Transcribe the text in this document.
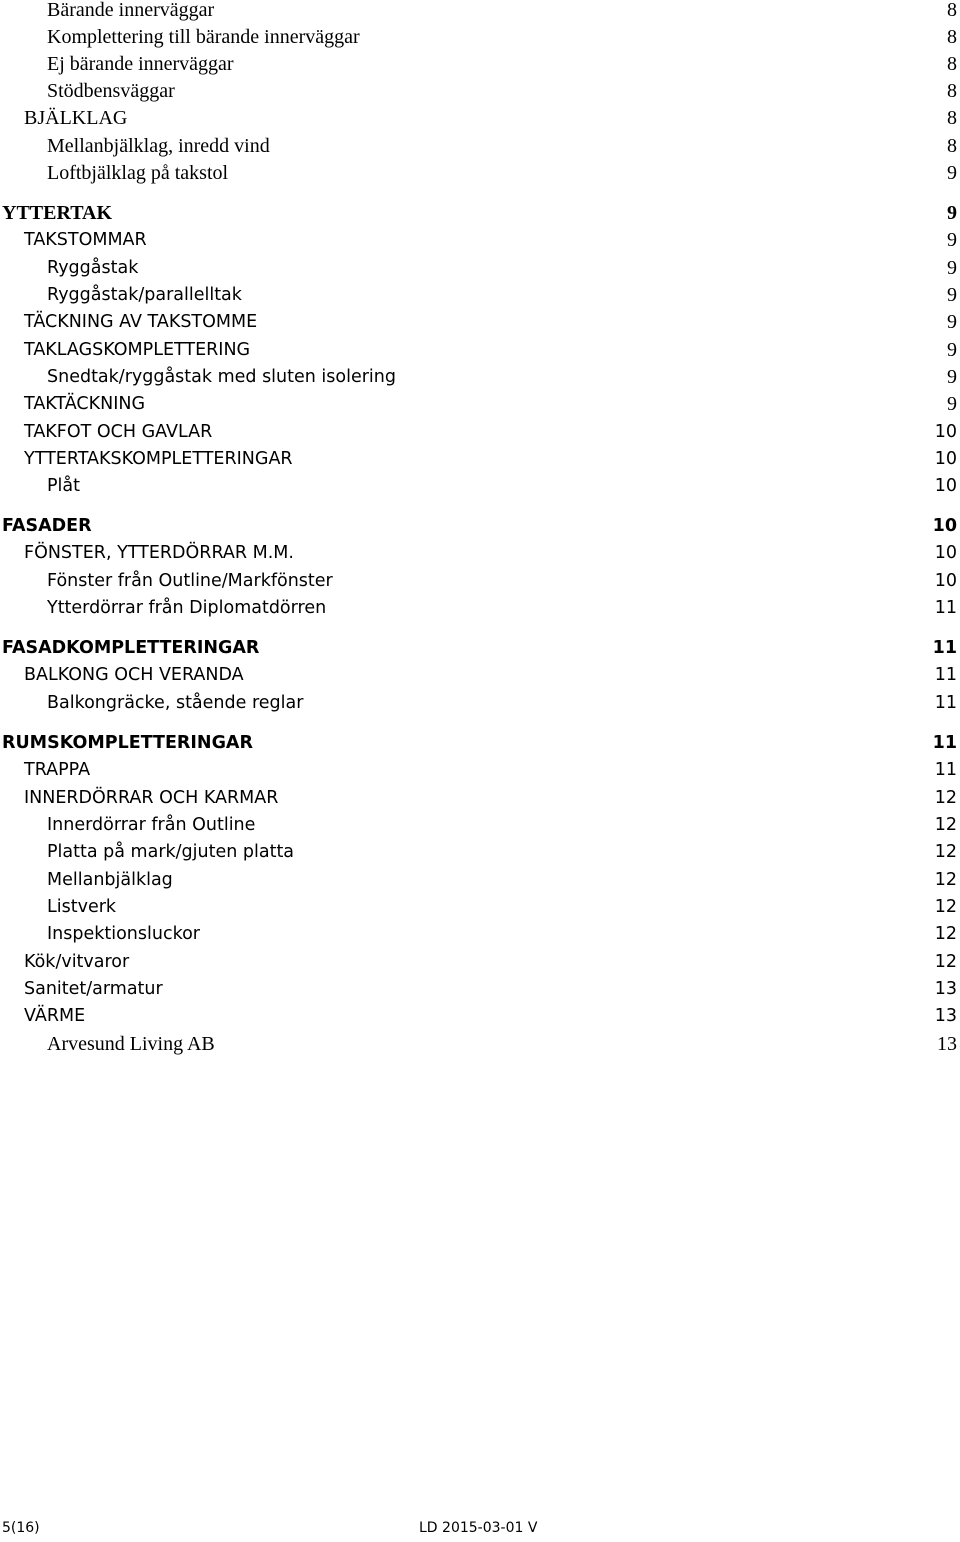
Bärande innerväggar	8
Komplettering till bärande innerväggar	8
Ej bärande innerväggar	8
Stödbensväggar	8
BJÄLKLAG	8
Mellanbjälklag, inredd vind	8
Loftbjälklag på takstol	9
YTTERTAK	9
TAKSTOMMAR	9
Ryggåstak	9
Ryggåstak/parallelltak	9
TÄCKNING AV TAKSTOMME	9
TAKLAGSKOMPLETTERING	9
Snedtak/ryggåstak med sluten isolering	9
TAKTÄCKNING	9
TAKFOT OCH GAVLAR	10
YTTERTAKSKOMPLETTERINGAR	10
Plåt	10
FASADER	10
FÖNSTER, YTTERDÖRRAR M.M.	10
Fönster från Outline/Markfönster	10
Ytterdörrar från Diplomatdörren	11
FASADKOMPLETTERINGAR	11
BALKONG OCH VERANDA	11
Balkongräcke, stående reglar	11
RUMSKOMPLETTERINGAR	11
TRAPPA	11
INNERDÖRRAR OCH KARMAR	12
Innerdörrar från Outline	12
Platta på mark/gjuten platta	12
Mellanbjälklag	12
Listverk	12
Inspektionsluckor	12
Kök/vitvaror	12
Sanitet/armatur	13
VÄRME	13
Arvesund Living AB	13
5(16)	LD 2015-03-01 V
